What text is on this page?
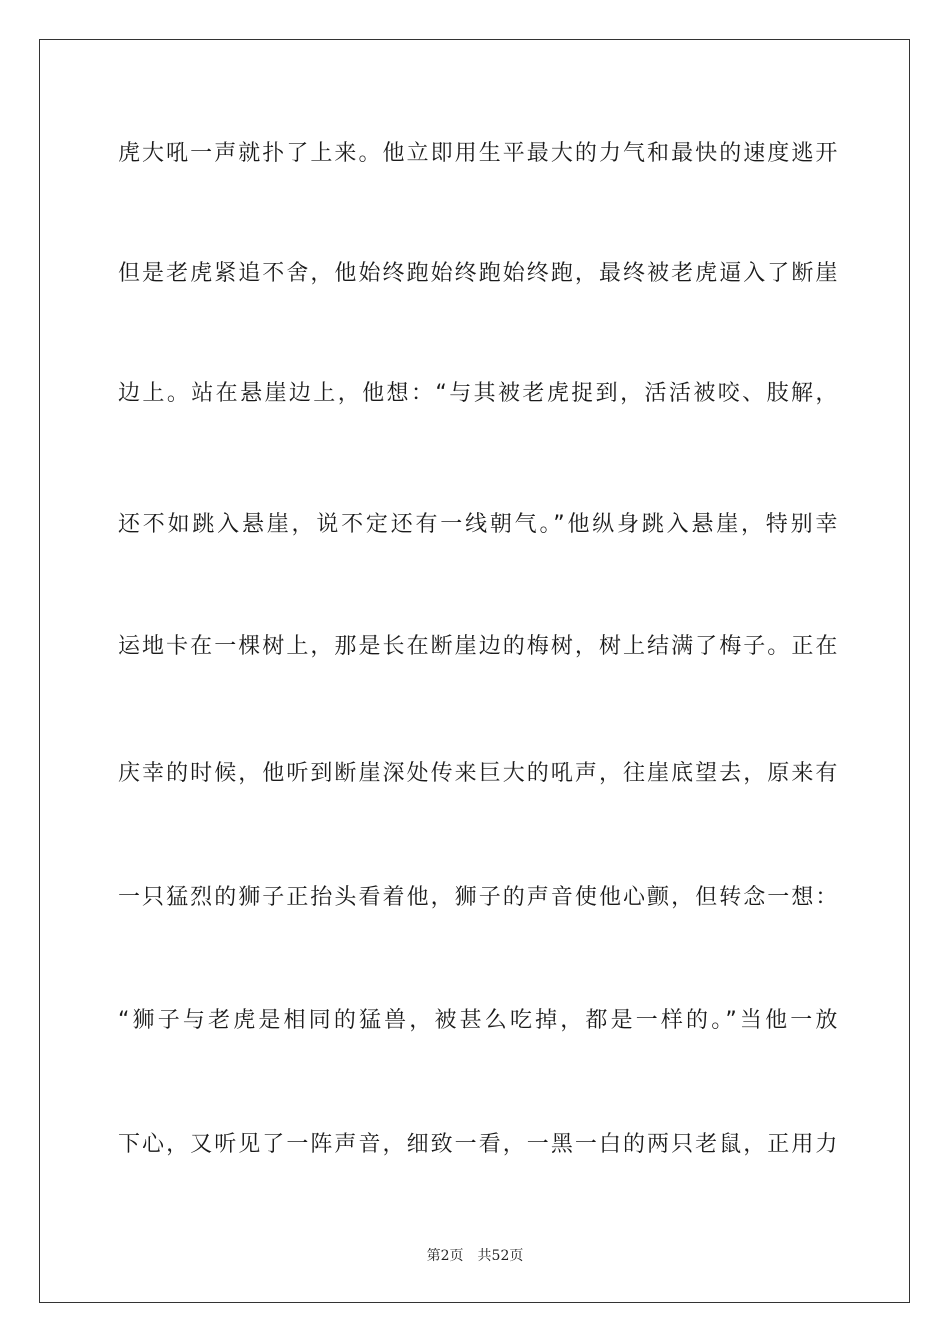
虎大吼一声就扑了上来。他立即用生平最大的力气和最快的速度逃开
但是老虎紧追不舍，他始终跑始终跑始终跑，最终被老虎逼入了断崖
边上。站在悬崖边上，他想：“与其被老虎捉到，活活被咬、肢解，
还不如跳入悬崖，说不定还有一线朝气。”他纵身跳入悬崖，特别幸
运地卡在一棵树上，那是长在断崖边的梅树，树上结满了梅子。正在
庆幸的时候，他听到断崖深处传来巨大的吼声，往崖底望去，原来有
一只猛烈的狮子正抬头看着他，狮子的声音使他心颤，但转念一想：
“狮子与老虎是相同的猛兽，被甚么吃掉，都是一样的。”当他一放
下心，又听见了一阵声音，细致一看，一黑一白的两只老鼠，正用力
第2页 共52页
